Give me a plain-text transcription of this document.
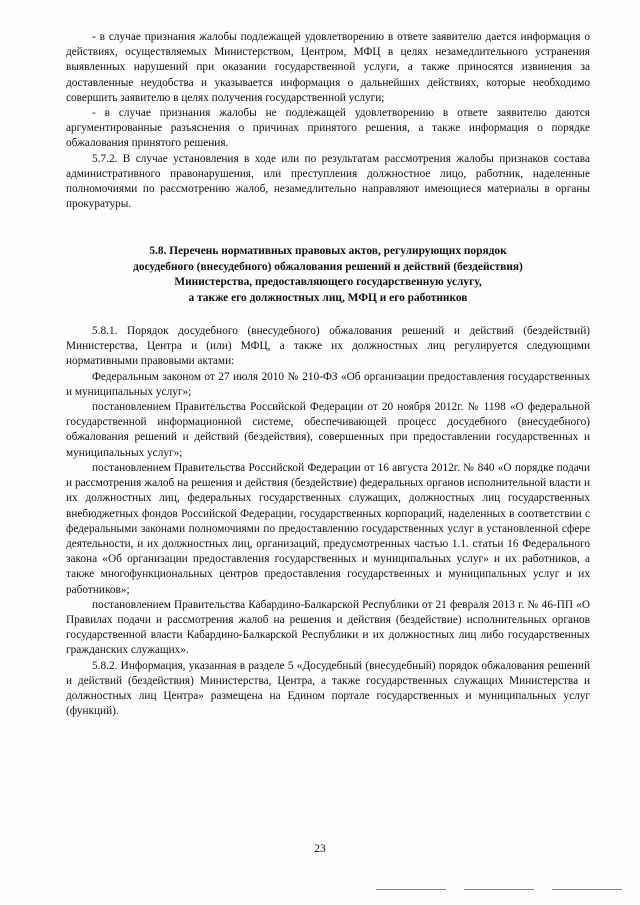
- в случае признания жалобы подлежащей удовлетворению в ответе заявителю дается информация о действиях, осуществляемых Министерством, Центром, МФЦ в целях незамедлительного устранения выявленных нарушений при оказании государственной услуги, а также приносятся извинения за доставленные неудобства и указывается информация о дальнейших действиях, которые необходимо совершить заявителю в целях получения государственной услуги;

- в случае признания жалобы не подлежащей удовлетворению в ответе заявителю даются аргументированные разъяснения о причинах принятого решения, а также информация о порядке обжалования принятого решения.

5.7.2. В случае установления в ходе или по результатам рассмотрения жалобы признаков состава административного правонарушения, или преступления должностное лицо, работник, наделенные полномочиями по рассмотрению жалоб, незамедлительно направляют имеющиеся материалы в органы прокуратуры.

5.8. Перечень нормативных правовых актов, регулирующих порядок
досудебного (внесудебного) обжалования решений и действий (бездействия)
Министерства, предоставляющего государственную услугу,
а также его должностных лиц, МФЦ и его работников

5.8.1. Порядок досудебного (внесудебного) обжалования решений и действий (бездействий) Министерства, Центра и (или) МФЦ, а также их должностных лиц регулируется следующими нормативными правовыми актами:

Федеральным законом от 27 июля 2010 № 210-ФЗ «Об организации предоставления государственных и муниципальных услуг»;

постановлением Правительства Российской Федерации от 20 ноября 2012г. № 1198 «О федеральной государственной информационной системе, обеспечивающей процесс досудебного (внесудебного) обжалования решений и действий (бездействия), совершенных при предоставлении государственных и муниципальных услуг»;

постановлением Правительства Российской Федерации от 16 августа 2012г. № 840 «О порядке подачи и рассмотрения жалоб на решения и действия (бездействие) федеральных органов исполнительной власти и их должностных лиц, федеральных государственных служащих, должностных лиц государственных внебюджетных фондов Российской Федерации, государственных корпораций, наделенных в соответствии с федеральными законами полномочиями по предоставлению государственных услуг в установленной сфере деятельности, и их должностных лиц, организаций, предусмотренных частью 1.1. статьи 16 Федерального закона «Об организации предоставления государственных и муниципальных услуг» и их работников, а также многофункциональных центров предоставления государственных и муниципальных услуг и их работников»;

постановлением Правительства Кабардино-Балкарской Республики от 21 февраля 2013 г. № 46-ПП «О Правилах подачи и рассмотрения жалоб на решения и действия (бездействие) исполнительных органов государственной власти Кабардино-Балкарской Республики и их должностных лиц либо государственных гражданских служащих».

5.8.2. Информация, указанная в разделе 5 «Досудебный (внесудебный) порядок обжалования решений и действий (бездействия) Министерства, Центра, а также государственных служащих Министерства и должностных лиц Центра» размещена на Едином портале государственных и муниципальных услуг (функций).

23
